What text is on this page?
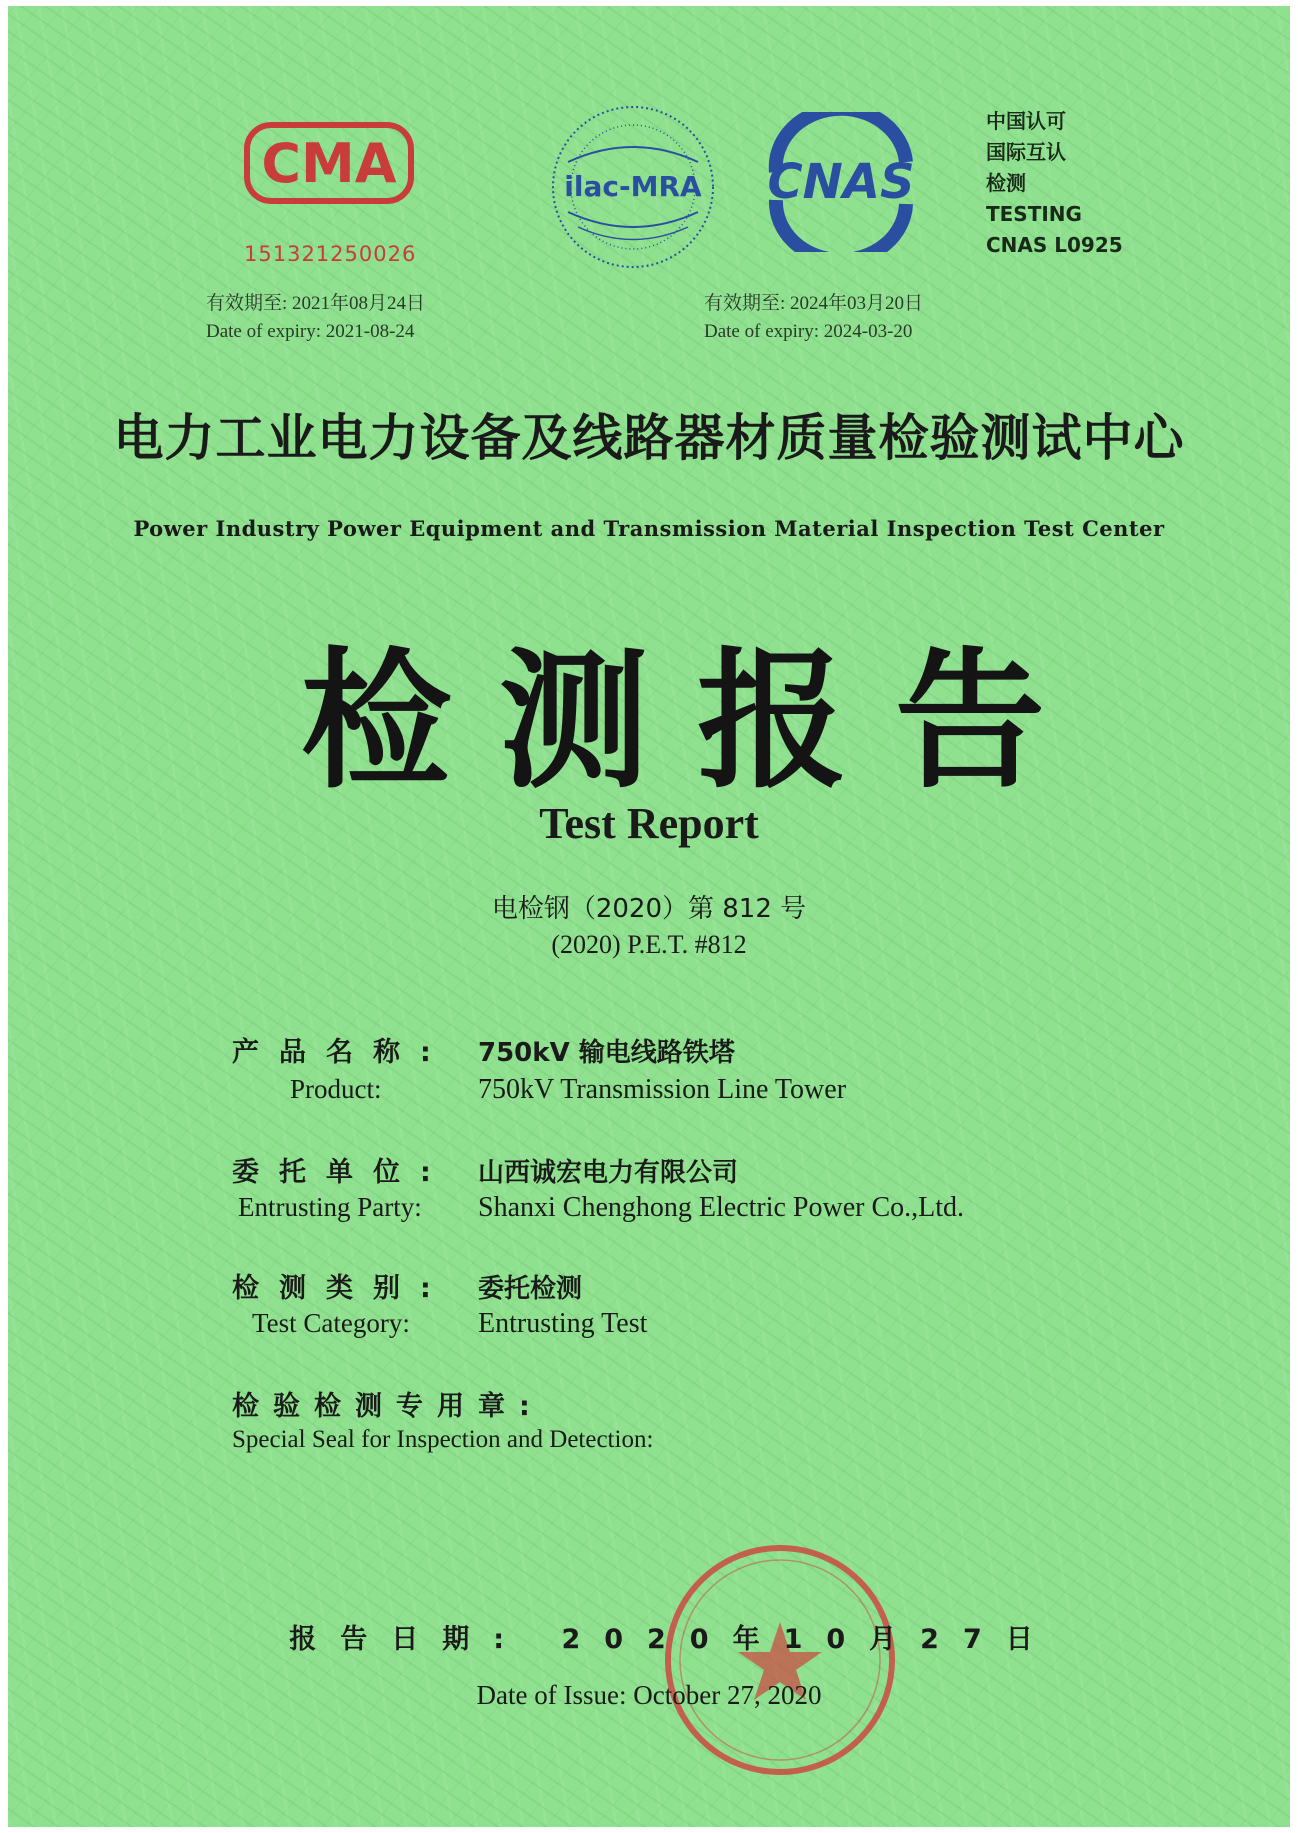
CMA
151321250026
ilac-MRA CNAS
中国认可
国际互认
检测
TESTING
CNAS L0925
有效期至: 2021年08月24日
Date of expiry: 2021-08-24
有效期至: 2024年03月20日
Date of expiry: 2024-03-20
电力工业电力设备及线路器材质量检验测试中心
Power Industry Power Equipment and Transmission Material Inspection Test Center
检测报告
Test Report
电检钢（2020）第 812 号
(2020) P.E.T. #812
产品名称:
Product:
750kV 输电线路铁塔
750kV Transmission Line Tower
委托单位:
Entrusting Party:
山西诚宏电力有限公司
Shanxi Chenghong Electric Power Co.,Ltd.
检测类别:
Test Category:
委托检测
Entrusting Test
检验检测专用章:
Special Seal for Inspection and Detection:
报告日期: 2020年10月27日
Date of Issue: October 27, 2020
